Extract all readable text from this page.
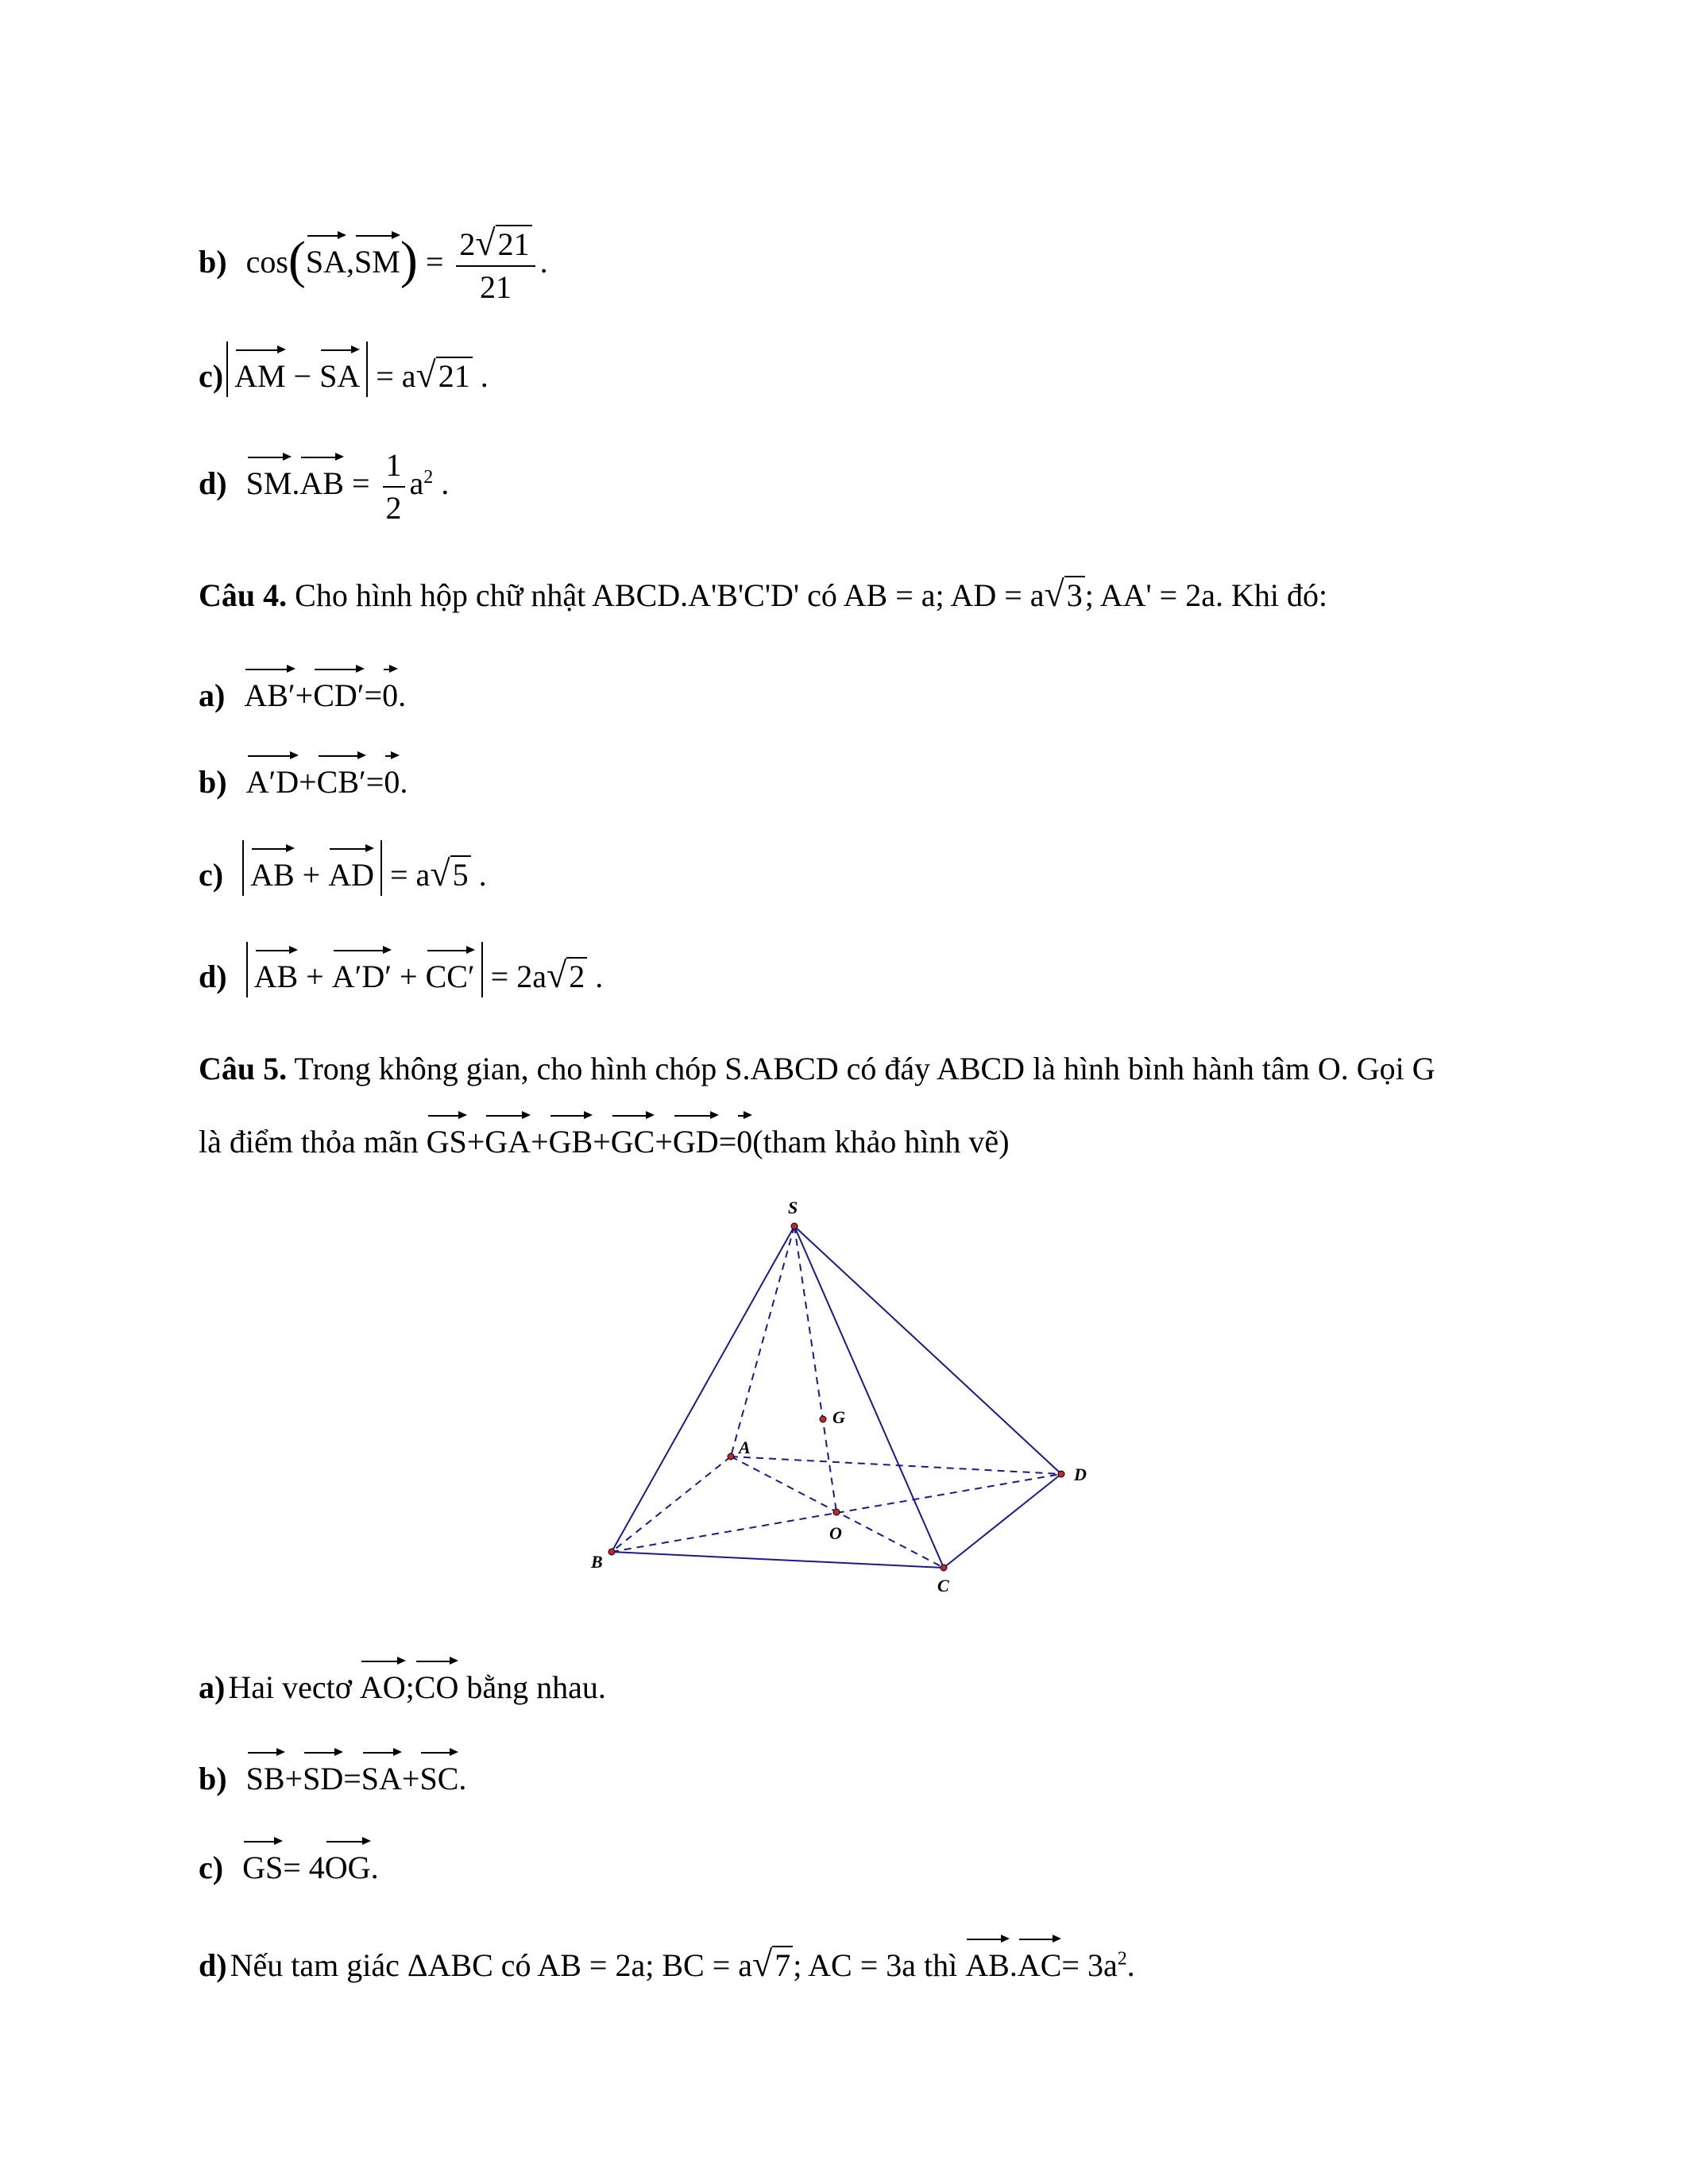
b) $\cos(SA,SM) = \frac{2√21}{21}$ .
c) AM − SA = a√21 .
d) $SM.AB = \frac{1}{2} a^2$ .
Câu 4. Cho hình hộp chữ nhật ABCD.A'B'C'D' có AB = a; AD = a√3; AA' = 2a. Khi đó:
a) AB′+CD′=0.
b) A′D+CB′=0.
c) AB + AD = a√5 .
d) AB + A′D′ + CC′ = 2a√2 .
Câu 5. Trong không gian, cho hình chóp S.ABCD có đáy ABCD là hình bình hành tâm O. Gọi G
là điểm thỏa mãn GS+GA+GB+GC+GD=0(tham khảo hình vẽ)
S
A
B
C
D
O
G
a) Hai vectơ AO;CO bằng nhau.
b) SB+SD=SA+SC.
c) GS= 4OG.
d) Nếu tam giác ΔABC có AB = 2a; BC = a√7; AC = 3a thì $AB.AC= 3a^2$.
